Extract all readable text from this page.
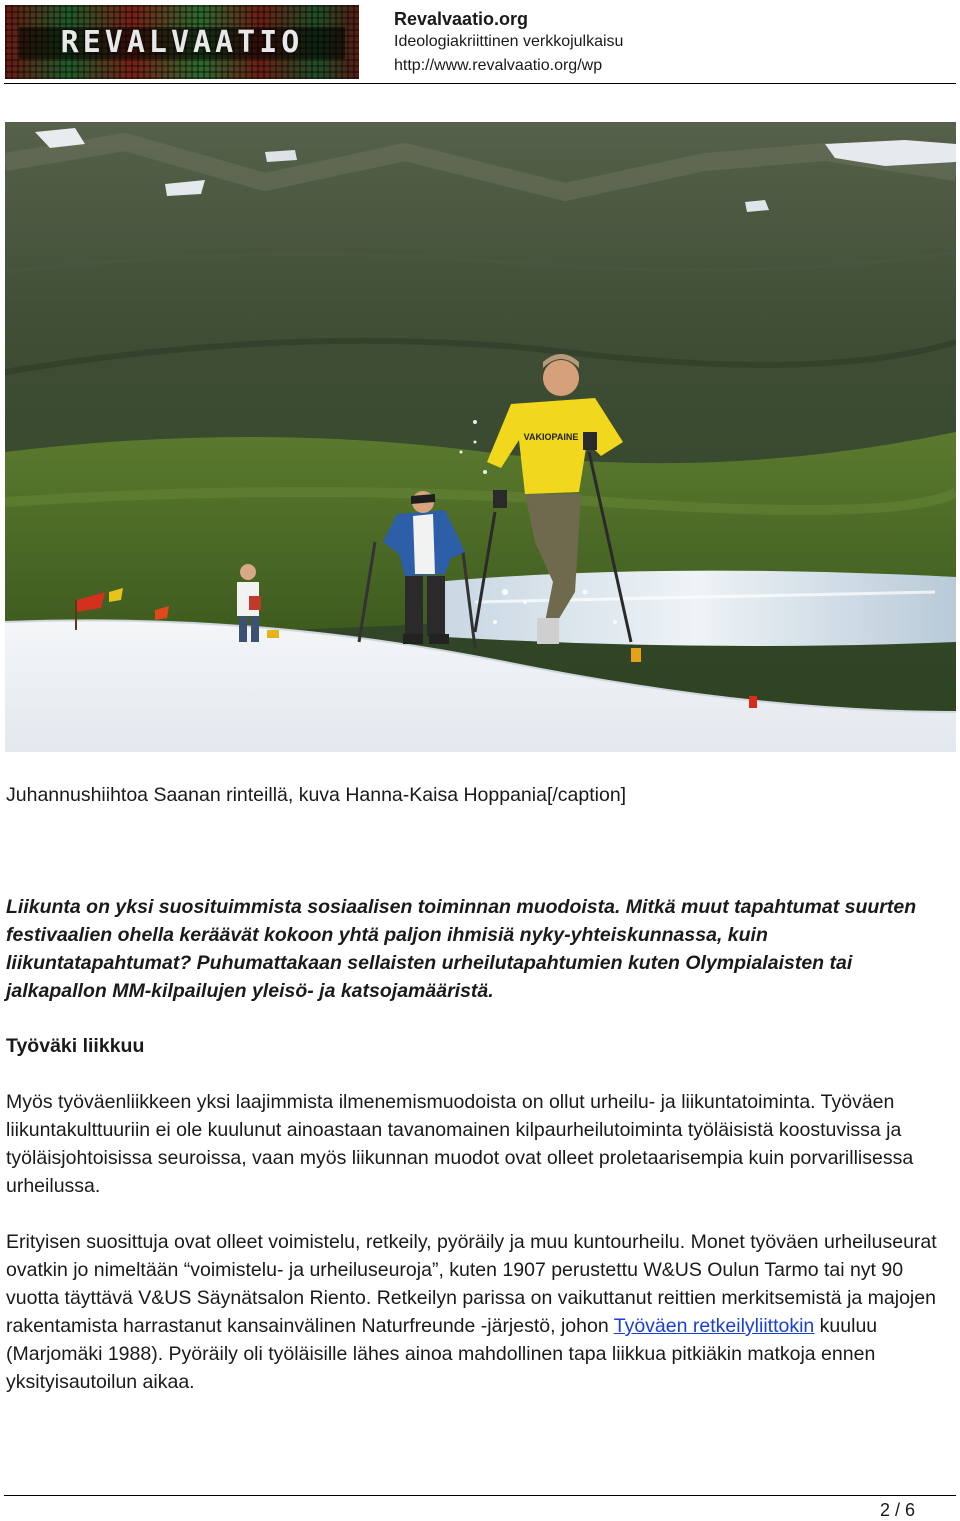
REVALVAATIO
Revalvaatio.org
Ideologiakriittinen verkkojulkaisu
http://www.revalvaatio.org/wp
VAKIOPAINE

Juhannushiihtoa Saanan rinteillä, kuva Hanna-Kaisa Hoppania[/caption]

Liikunta on yksi suosituimmista sosiaalisen toiminnan muodoista. Mitkä muut tapahtumat suurten festivaalien ohella keräävät kokoon yhtä paljon ihmisiä nyky-yhteiskunnassa, kuin liikuntatapahtumat? Puhumattakaan sellaisten urheilutapahtumien kuten Olympialaisten tai jalkapallon MM-kilpailujen yleisö- ja katsojamääristä.

Työväki liikkuu

Myös työväenliikkeen yksi laajimmista ilmenemismuodoista on ollut urheilu- ja liikuntatoiminta. Työväen liikuntakulttuuriin ei ole kuulunut ainoastaan tavanomainen kilpaurheilutoiminta työläisistä koostuvissa ja työläisjohtoisissa seuroissa, vaan myös liikunnan muodot ovat olleet proletaarisempia kuin porvarillisessa urheilussa.

Erityisen suosittuja ovat olleet voimistelu, retkeily, pyöräily ja muu kuntourheilu. Monet työväen urheiluseurat ovatkin jo nimeltään “voimistelu- ja urheiluseuroja”, kuten 1907 perustettu W&US Oulun Tarmo tai nyt 90 vuotta täyttävä V&US Säynätsalon Riento. Retkeilyn parissa on vaikuttanut reittien merkitsemistä ja majojen rakentamista harrastanut kansainvälinen Naturfreunde -järjestö, johon Työväen retkeilyliittokin kuuluu (Marjomäki 1988). Pyöräily oli työläisille lähes ainoa mahdollinen tapa liikkua pitkiäkin matkoja ennen yksityisautoilun aikaa.

2 / 6
